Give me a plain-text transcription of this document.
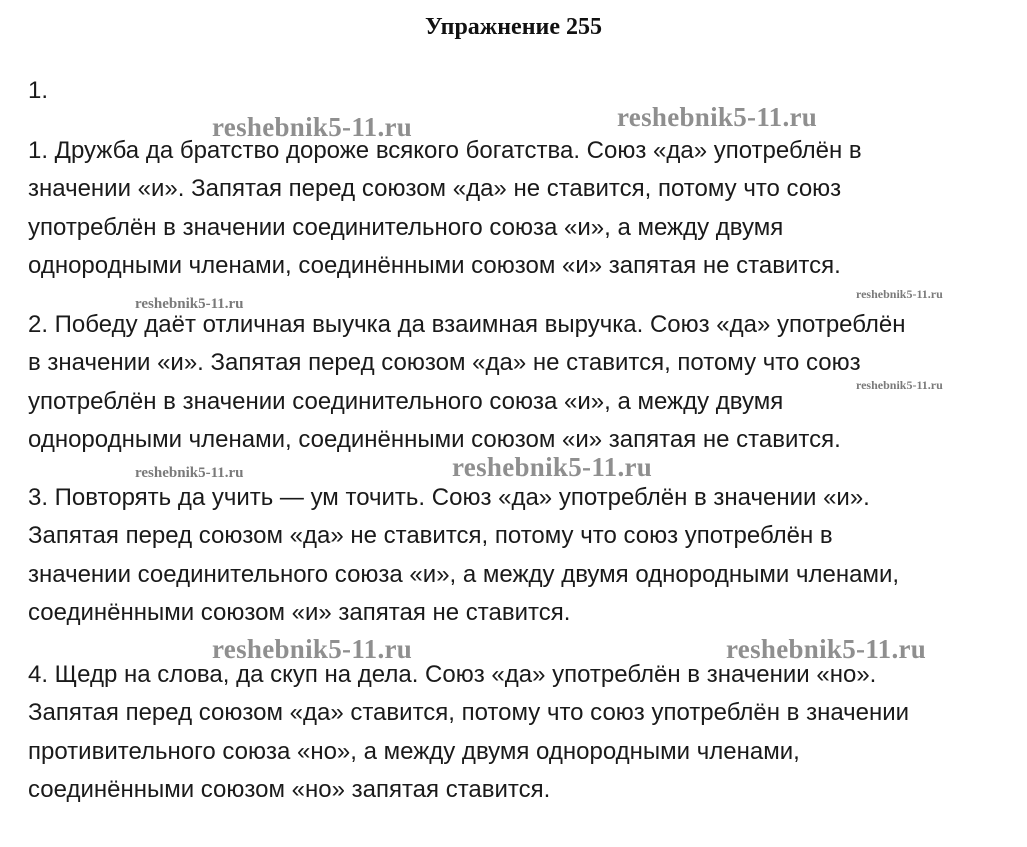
Упражнение 255
1.
1. Дружба да братство дороже всякого богатства. Союз «да» употреблён в
значении «и». Запятая перед союзом «да» не ставится, потому что союз
употреблён в значении соединительного союза «и», а между двумя
однородными членами, соединёнными союзом «и» запятая не ставится.
2. Победу даёт отличная выучка да взаимная выручка. Союз «да» употреблён
в значении «и». Запятая перед союзом «да» не ставится, потому что союз
употреблён в значении соединительного союза «и», а между двумя
однородными членами, соединёнными союзом «и» запятая не ставится.
3. Повторять да учить — ум точить. Союз «да» употреблён в значении «и».
Запятая перед союзом «да» не ставится, потому что союз употреблён в
значении соединительного союза «и», а между двумя однородными членами,
соединёнными союзом «и» запятая не ставится.
4. Щедр на слова, да скуп на дела. Союз «да» употреблён в значении «но».
Запятая перед союзом «да» ставится, потому что союз употреблён в значении
противительного союза «но», а между двумя однородными членами,
соединёнными союзом «но» запятая ставится.
reshebnik5-11.ru	reshebnik5-11.ru
reshebnik5-11.ru
reshebnik5-11.ru
reshebnik5-11.ru
reshebnik5-11.ru	reshebnik5-11.ru
reshebnik5-11.ru	reshebnik5-11.ru
